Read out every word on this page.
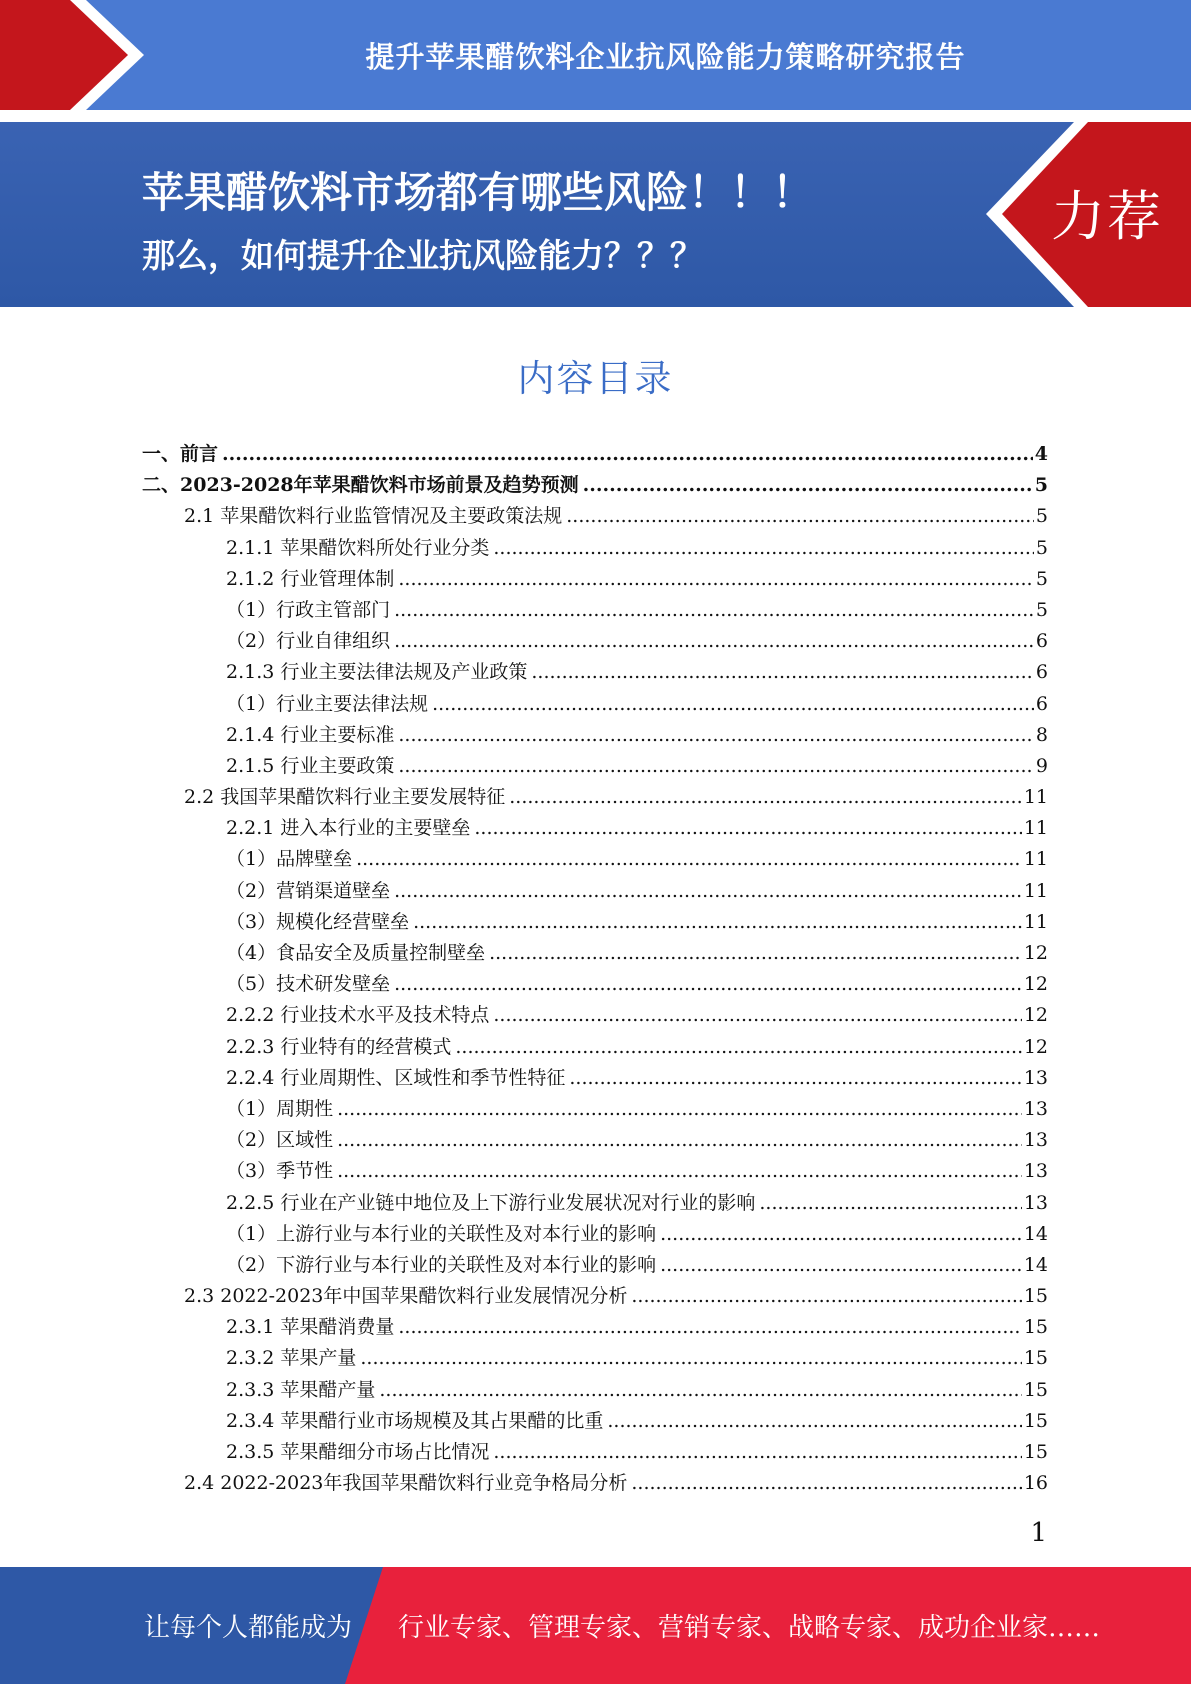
提升苹果醋饮料企业抗风险能力策略研究报告
苹果醋饮料市场都有哪些风险！！！
那么，如何提升企业抗风险能力？？？
力荐
内容目录
一、前言 .....	4
二、2023-2028年苹果醋饮料市场前景及趋势预测 .....	5
2.1 苹果醋饮料行业监管情况及主要政策法规 .....	5
2.1.1 苹果醋饮料所处行业分类 .....	5
2.1.2 行业管理体制 .....	5
（1）行政主管部门 .....	5
（2）行业自律组织 .....	6
2.1.3 行业主要法律法规及产业政策 .....	6
（1）行业主要法律法规 .....	6
2.1.4 行业主要标准 .....	8
2.1.5 行业主要政策 .....	9
2.2 我国苹果醋饮料行业主要发展特征 .....	11
2.2.1 进入本行业的主要壁垒 .....	11
（1）品牌壁垒 .....	11
（2）营销渠道壁垒 .....	11
（3）规模化经营壁垒 .....	11
（4）食品安全及质量控制壁垒 .....	12
（5）技术研发壁垒 .....	12
2.2.2 行业技术水平及技术特点 .....	12
2.2.3 行业特有的经营模式 .....	12
2.2.4 行业周期性、区域性和季节性特征 .....	13
（1）周期性 .....	13
（2）区域性 .....	13
（3）季节性 .....	13
2.2.5 行业在产业链中地位及上下游行业发展状况对行业的影响 .....	13
（1）上游行业与本行业的关联性及对本行业的影响 .....	14
（2）下游行业与本行业的关联性及对本行业的影响 .....	14
2.3 2022-2023年中国苹果醋饮料行业发展情况分析 .....	15
2.3.1 苹果醋消费量 .....	15
2.3.2 苹果产量 .....	15
2.3.3 苹果醋产量 .....	15
2.3.4 苹果醋行业市场规模及其占果醋的比重 .....	15
2.3.5 苹果醋细分市场占比情况 .....	15
2.4 2022-2023年我国苹果醋饮料行业竞争格局分析 .....	16
1
让每个人都能成为 行业专家、管理专家、营销专家、战略专家、成功企业家……
